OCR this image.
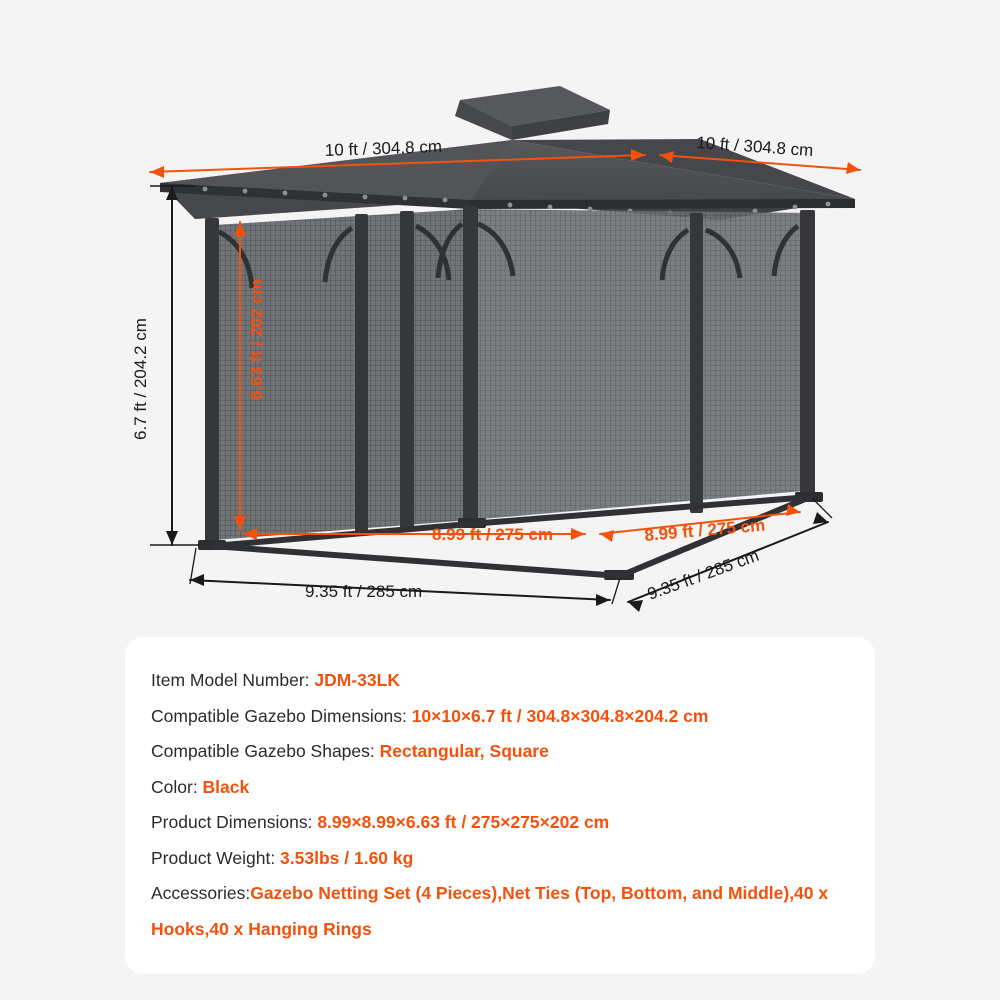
10 ft / 304.8 cm	10 ft / 304.8 cm
6.7 ft / 204.2 cm	6.63 ft / 202 cm
8.99 ft / 275 cm	8.99 ft / 275 cm
9.35 ft / 285 cm	9.35 ft / 285 cm
Item Model Number: JDM-33LK
Compatible Gazebo Dimensions: 10×10×6.7 ft / 304.8×304.8×204.2 cm
Compatible Gazebo Shapes: Rectangular, Square
Color: Black
Product Dimensions: 8.99×8.99×6.63 ft / 275×275×202 cm
Product Weight: 3.53lbs / 1.60 kg
Accessories:Gazebo Netting Set (4 Pieces),Net Ties (Top, Bottom, and Middle),40 x Hooks,40 x Hanging Rings
